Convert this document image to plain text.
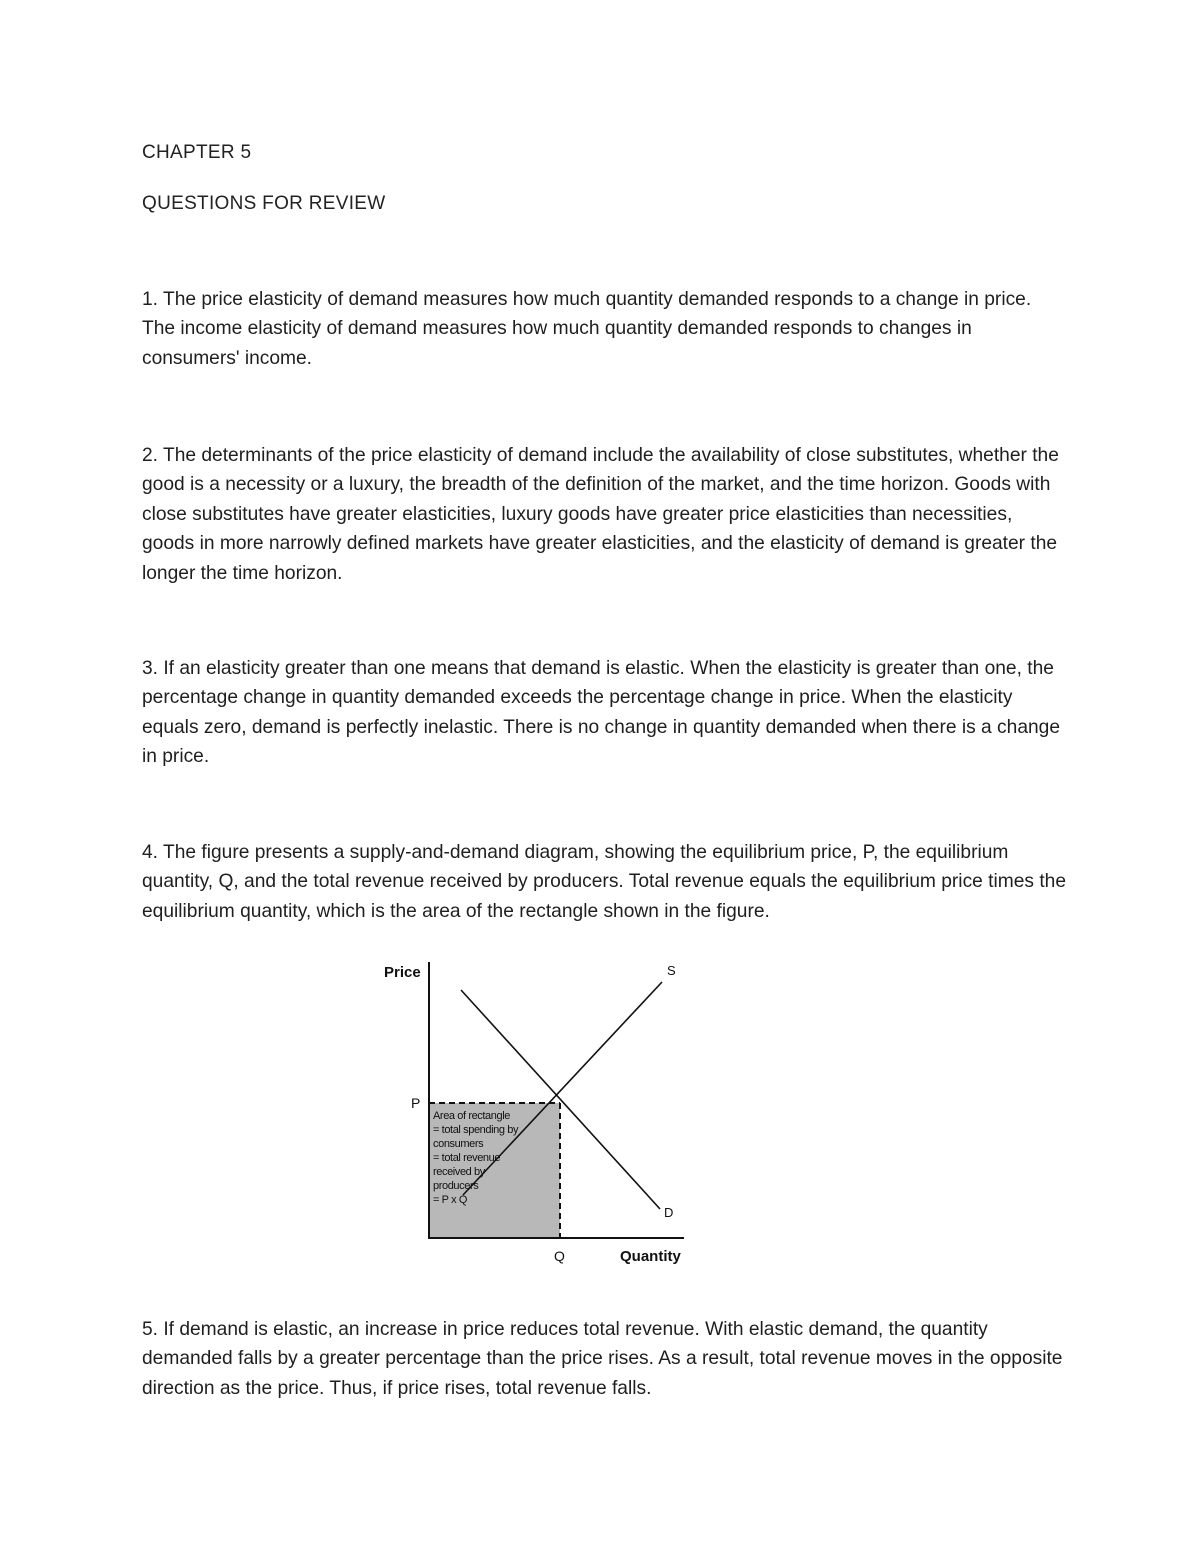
CHAPTER 5
QUESTIONS FOR REVIEW

1. The price elasticity of demand measures how much quantity demanded responds to a change in price. The income elasticity of demand measures how much quantity demanded responds to changes in consumers' income.

2. The determinants of the price elasticity of demand include the availability of close substitutes, whether the good is a necessity or a luxury, the breadth of the definition of the market, and the time horizon. Goods with close substitutes have greater elasticities, luxury goods have greater price elasticities than necessities, goods in more narrowly defined markets have greater elasticities, and the elasticity of demand is greater the longer the time horizon.

3. If an elasticity greater than one means that demand is elastic. When the elasticity is greater than one, the percentage change in quantity demanded exceeds the percentage change in price. When the elasticity equals zero, demand is perfectly inelastic. There is no change in quantity demanded when there is a change in price.

4. The figure presents a supply-and-demand diagram, showing the equilibrium price, P, the equilibrium quantity, Q, and the total revenue received by producers. Total revenue equals the equilibrium price times the equilibrium quantity, which is the area of the rectangle shown in the figure.

Price
Quantity
P
Q
S
D
Area of rectangle
= total spending by
consumers
= total revenue
received by
producers
= P x Q

5. If demand is elastic, an increase in price reduces total revenue. With elastic demand, the quantity demanded falls by a greater percentage than the price rises. As a result, total revenue moves in the opposite direction as the price. Thus, if price rises, total revenue falls.
